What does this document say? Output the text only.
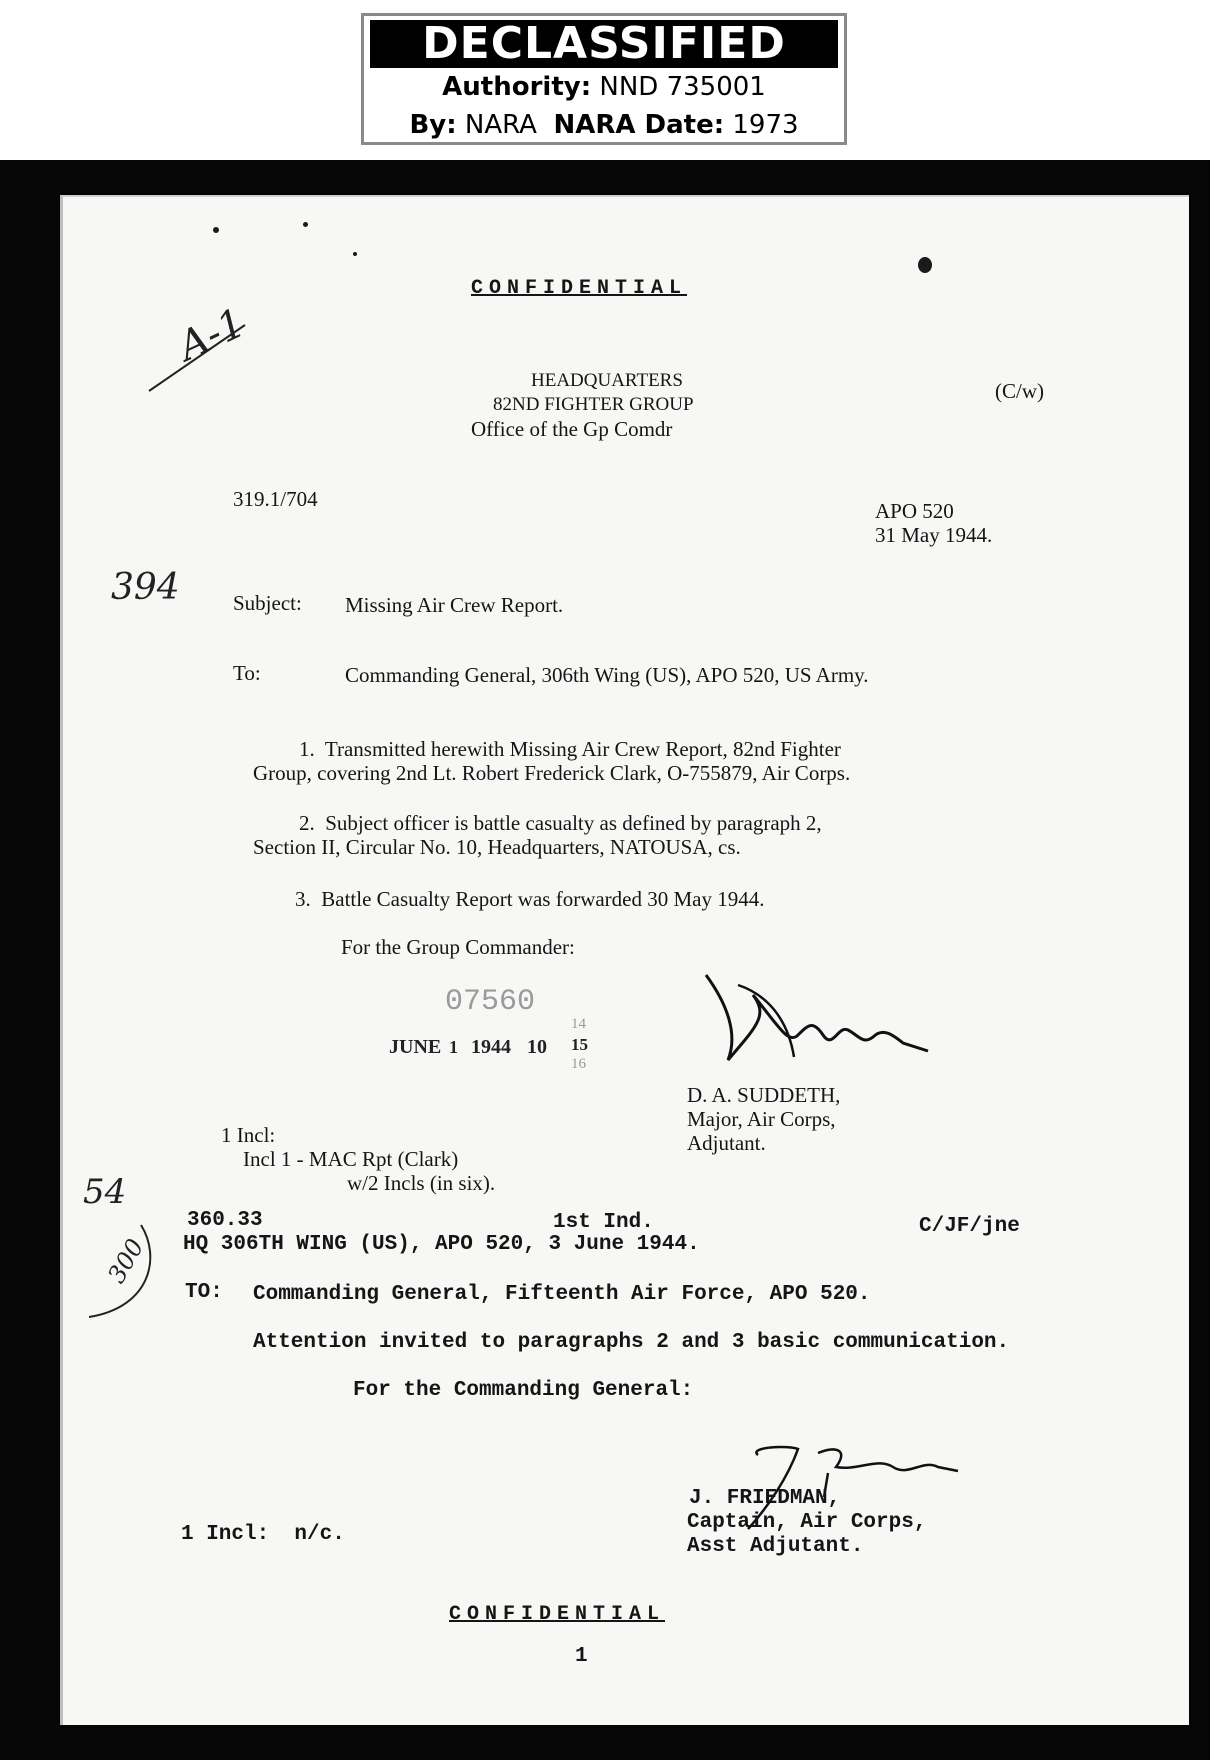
DECLASSIFIED
Authority: NND 735001
By: NARA NARA Date: 1973
CONFIDENTIAL
A-1
HEADQUARTERS
82ND FIGHTER GROUP
Office of the Gp Comdr
(C/w)
319.1/704	APO 520
31 May 1944.
394	Subject: Missing Air Crew Report.
To:	Commanding General, 306th Wing (US), APO 520, US Army.
1.  Transmitted herewith Missing Air Crew Report, 82nd Fighter
Group, covering 2nd Lt. Robert Frederick Clark, O-755879, Air Corps.
2.  Subject officer is battle casualty as defined by paragraph 2,
Section II, Circular No. 10, Headquarters, NATOUSA, cs.
3.  Battle Casualty Report was forwarded 30 May 1944.
For the Group Commander:
07560
JUNE 1 1944 10
14
15
16
D. A. SUDDETH,
Major, Air Corps,
Adjutant.
1 Incl:
Incl 1 - MAC Rpt (Clark)
w/2 Incls (in six).
54
300
360.33	1st Ind.	C/JF/jne
HQ 306TH WING (US), APO 520, 3 June 1944.
TO: Commanding General, Fifteenth Air Force, APO 520.
Attention invited to paragraphs 2 and 3 basic communication.
For the Commanding General:
J. FRIEDMAN,
Captain, Air Corps,
Asst Adjutant.
1 Incl:  n/c.
CONFIDENTIAL
1
